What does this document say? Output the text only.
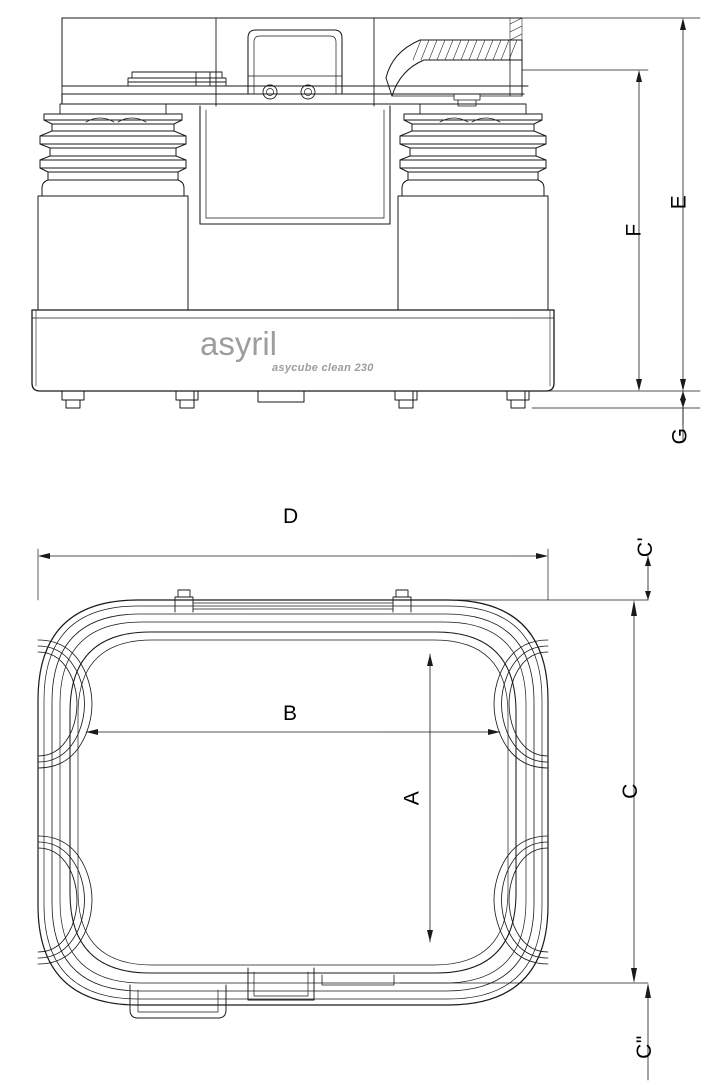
asyril
asycube clean 230
E
F
G
D
C'
C
C"
B
A
